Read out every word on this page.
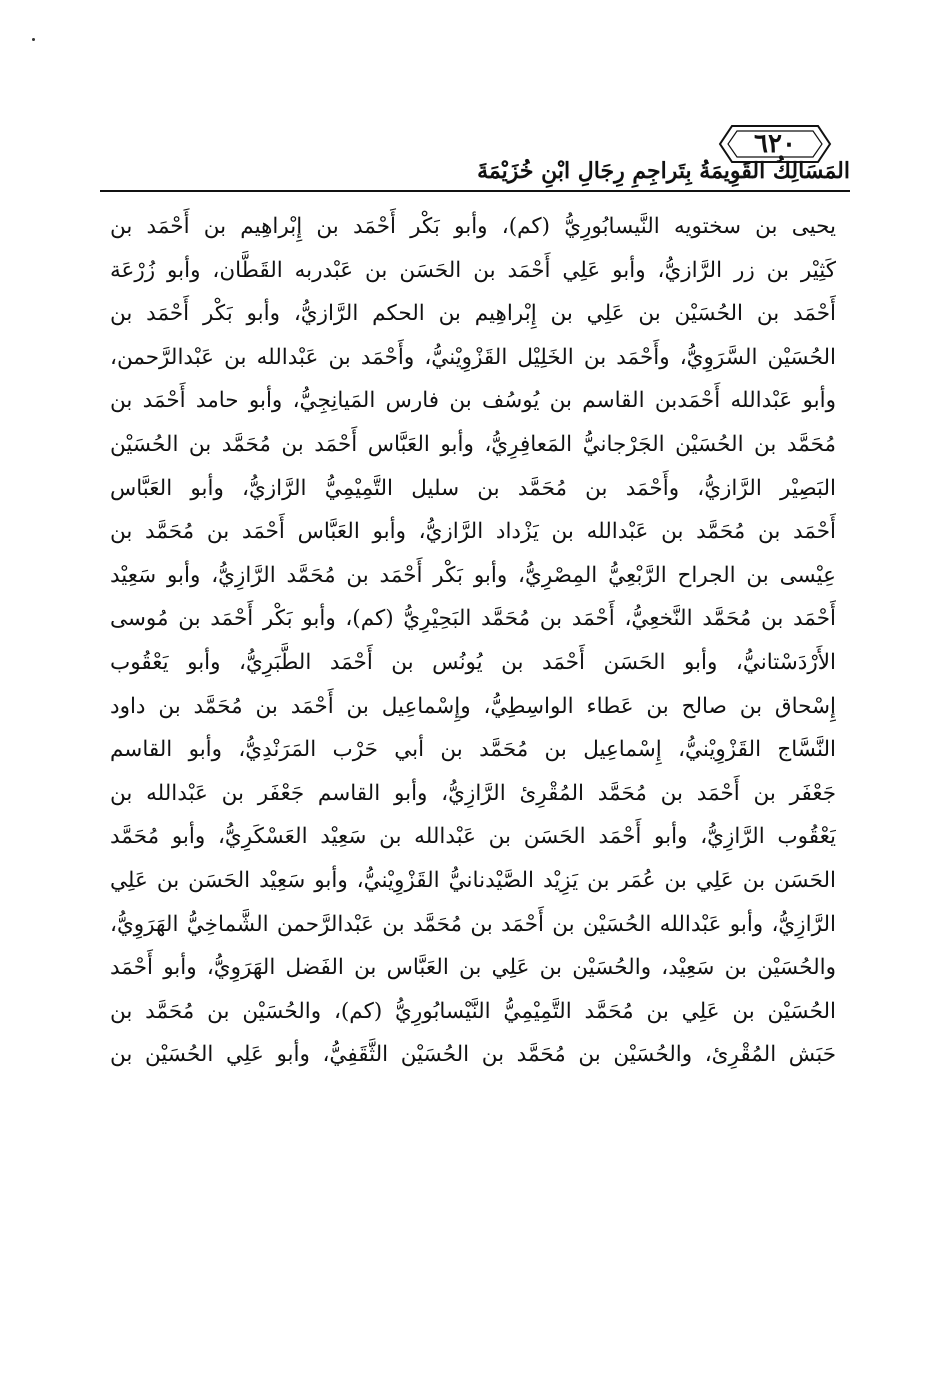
٦٢٠
المَسَالِكُ القَوِيمَةُ بِتَراجِمِ رِجَالِ ابْنِ خُزَيْمَةَ
يحيى بن سختويه النَّيسابُورِيُّ (كم)، وأبو بَكْر أَحْمَد بن إِبْراهِيم بن أَحْمَد بن
كَثِيْر بن زر الرَّازيُّ، وأبو عَلِي أَحْمَد بن الحَسَن بن عَبْدربه القَطَّان، وأبو زُرْعَة
أَحْمَد بن الحُسَيْن بن عَلِي بن إِبْراهِيم بن الحكم الرَّازيُّ، وأبو بَكْر أَحْمَد بن
الحُسَيْن السَّرَوِيُّ، وأَحْمَد بن الخَلِيْل القَزْوِيْنيُّ، وأَحْمَد بن عَبْدالله بن عَبْدالرَّحمن،
وأبو عَبْدالله أَحْمَدبن القاسم بن يُوسُف بن فارس المَيانِجِيُّ، وأبو حامد أَحْمَد بن
مُحَمَّد بن الحُسَيْن الجَرْجانيُّ المَعافِرِيُّ، وأبو العَبَّاس أَحْمَد بن مُحَمَّد بن الحُسَيْن
البَصِيْر الرَّازيُّ، وأَحْمَد بن مُحَمَّد بن سليل التَّمِيْمِيُّ الرَّازيُّ، وأبو العَبَّاس
أَحْمَد بن مُحَمَّد بن عَبْدالله بن يَزْداد الرَّازيُّ، وأبو العَبَّاس أَحْمَد بن مُحَمَّد بن
عِيْسى بن الجراح الرَّبْعِيُّ المِصْرِيُّ، وأبو بَكْر أَحْمَد بن مُحَمَّد الرَّازِيُّ، وأبو سَعِيْد
أَحْمَد بن مُحَمَّد النَّخعِيُّ، أَحْمَد بن مُحَمَّد البَحِيْرِيُّ (كم)، وأبو بَكْر أَحْمَد بن مُوسى
الأَرْدَسْتانيُّ، وأبو الحَسَن أَحْمَد بن يُونُس بن أَحْمَد الطَّبَرِيُّ، وأبو يَعْقُوب
إِسْحاق بن صالح بن عَطاء الواسِطِيُّ، وإِسْماعِيل بن أَحْمَد بن مُحَمَّد بن داود
النَّسَّاج القَزْوِيْنيُّ، إِسْماعِيل بن مُحَمَّد بن أبي حَرْب المَرَنْدِيُّ، وأبو القاسم
جَعْفَر بن أَحْمَد بن مُحَمَّد المُقْرِئ الرَّازِيُّ، وأبو القاسم جَعْفَر بن عَبْدالله بن
يَعْقُوب الرَّازِيُّ، وأبو أَحْمَد الحَسَن بن عَبْدالله بن سَعِيْد العَسْكَرِيُّ، وأبو مُحَمَّد
الحَسَن بن عَلِي بن عُمَر بن يَزِيْد الصَّيْدنانيُّ القَزْوِيْنيُّ، وأبو سَعِيْد الحَسَن بن عَلِي
الرَّازِيُّ، وأبو عَبْدالله الحُسَيْن بن أَحْمَد بن مُحَمَّد بن عَبْدالرَّحمن الشَّماخِيُّ الهَرَوِيُّ،
والحُسَيْن بن سَعِيْد، والحُسَيْن بن عَلِي بن العَبَّاس بن الفَضل الهَرَوِيُّ، وأبو أَحْمَد
الحُسَيْن بن عَلِي بن مُحَمَّد التَّمِيْمِيُّ النَّيْسابُورِيُّ (كم)، والحُسَيْن بن مُحَمَّد بن
حَبَش المُقْرِئ، والحُسَيْن بن مُحَمَّد بن الحُسَيْن الثَّقَفِيُّ، وأبو عَلِي الحُسَيْن بن
